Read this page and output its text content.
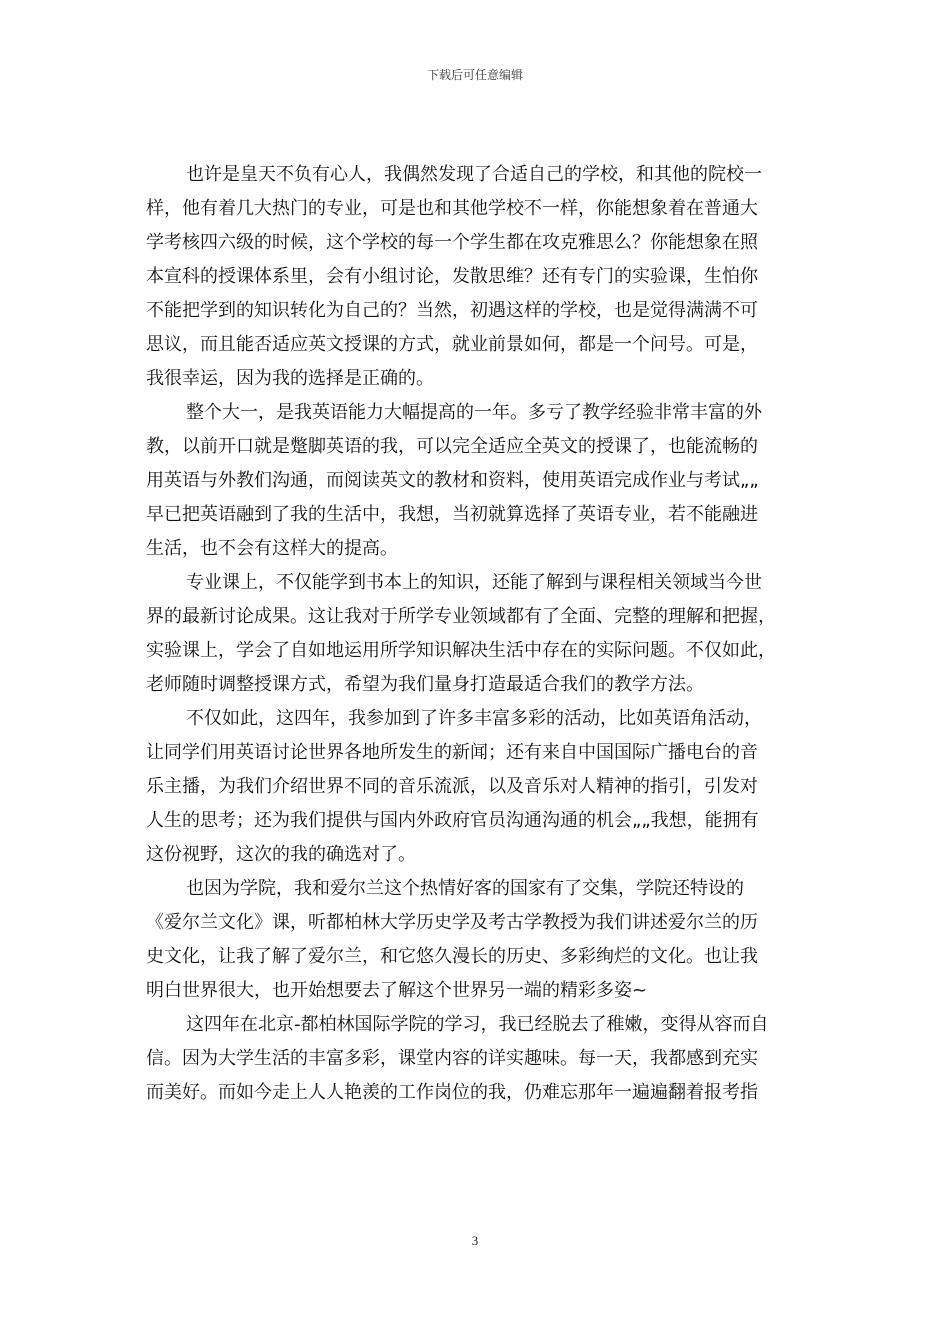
下载后可任意编辑
也许是皇天不负有心人，我偶然发现了合适自己的学校，和其他的院校一
样，他有着几大热门的专业，可是也和其他学校不一样，你能想象着在普通大
学考核四六级的时候，这个学校的每一个学生都在攻克雅思么？你能想象在照
本宣科的授课体系里，会有小组讨论，发散思维？还有专门的实验课，生怕你
不能把学到的知识转化为自己的？当然，初遇这样的学校，也是觉得满满不可
思议，而且能否适应英文授课的方式，就业前景如何，都是一个问号。可是，
我很幸运，因为我的选择是正确的。
整个大一，是我英语能力大幅提高的一年。多亏了教学经验非常丰富的外
教，以前开口就是蹩脚英语的我，可以完全适应全英文的授课了，也能流畅的
用英语与外教们沟通，而阅读英文的教材和资料，使用英语完成作业与考试„„
早已把英语融到了我的生活中，我想，当初就算选择了英语专业，若不能融进
生活，也不会有这样大的提高。
专业课上，不仅能学到书本上的知识，还能了解到与课程相关领域当今世
界的最新讨论成果。这让我对于所学专业领域都有了全面、完整的理解和把握，
实验课上，学会了自如地运用所学知识解决生活中存在的实际问题。不仅如此，
老师随时调整授课方式，希望为我们量身打造最适合我们的教学方法。
不仅如此，这四年，我参加到了许多丰富多彩的活动，比如英语角活动，
让同学们用英语讨论世界各地所发生的新闻；还有来自中国国际广播电台的音
乐主播，为我们介绍世界不同的音乐流派，以及音乐对人精神的指引，引发对
人生的思考；还为我们提供与国内外政府官员沟通沟通的机会„„我想，能拥有
这份视野，这次的我的确选对了。
也因为学院，我和爱尔兰这个热情好客的国家有了交集，学院还特设的
《爱尔兰文化》课，听都柏林大学历史学及考古学教授为我们讲述爱尔兰的历
史文化，让我了解了爱尔兰，和它悠久漫长的历史、多彩绚烂的文化。也让我
明白世界很大，也开始想要去了解这个世界另一端的精彩多姿~
这四年在北京-都柏林国际学院的学习，我已经脱去了稚嫩，变得从容而自
信。因为大学生活的丰富多彩，课堂内容的详实趣味。每一天，我都感到充实
而美好。而如今走上人人艳羡的工作岗位的我，仍难忘那年一遍遍翻着报考指
3
